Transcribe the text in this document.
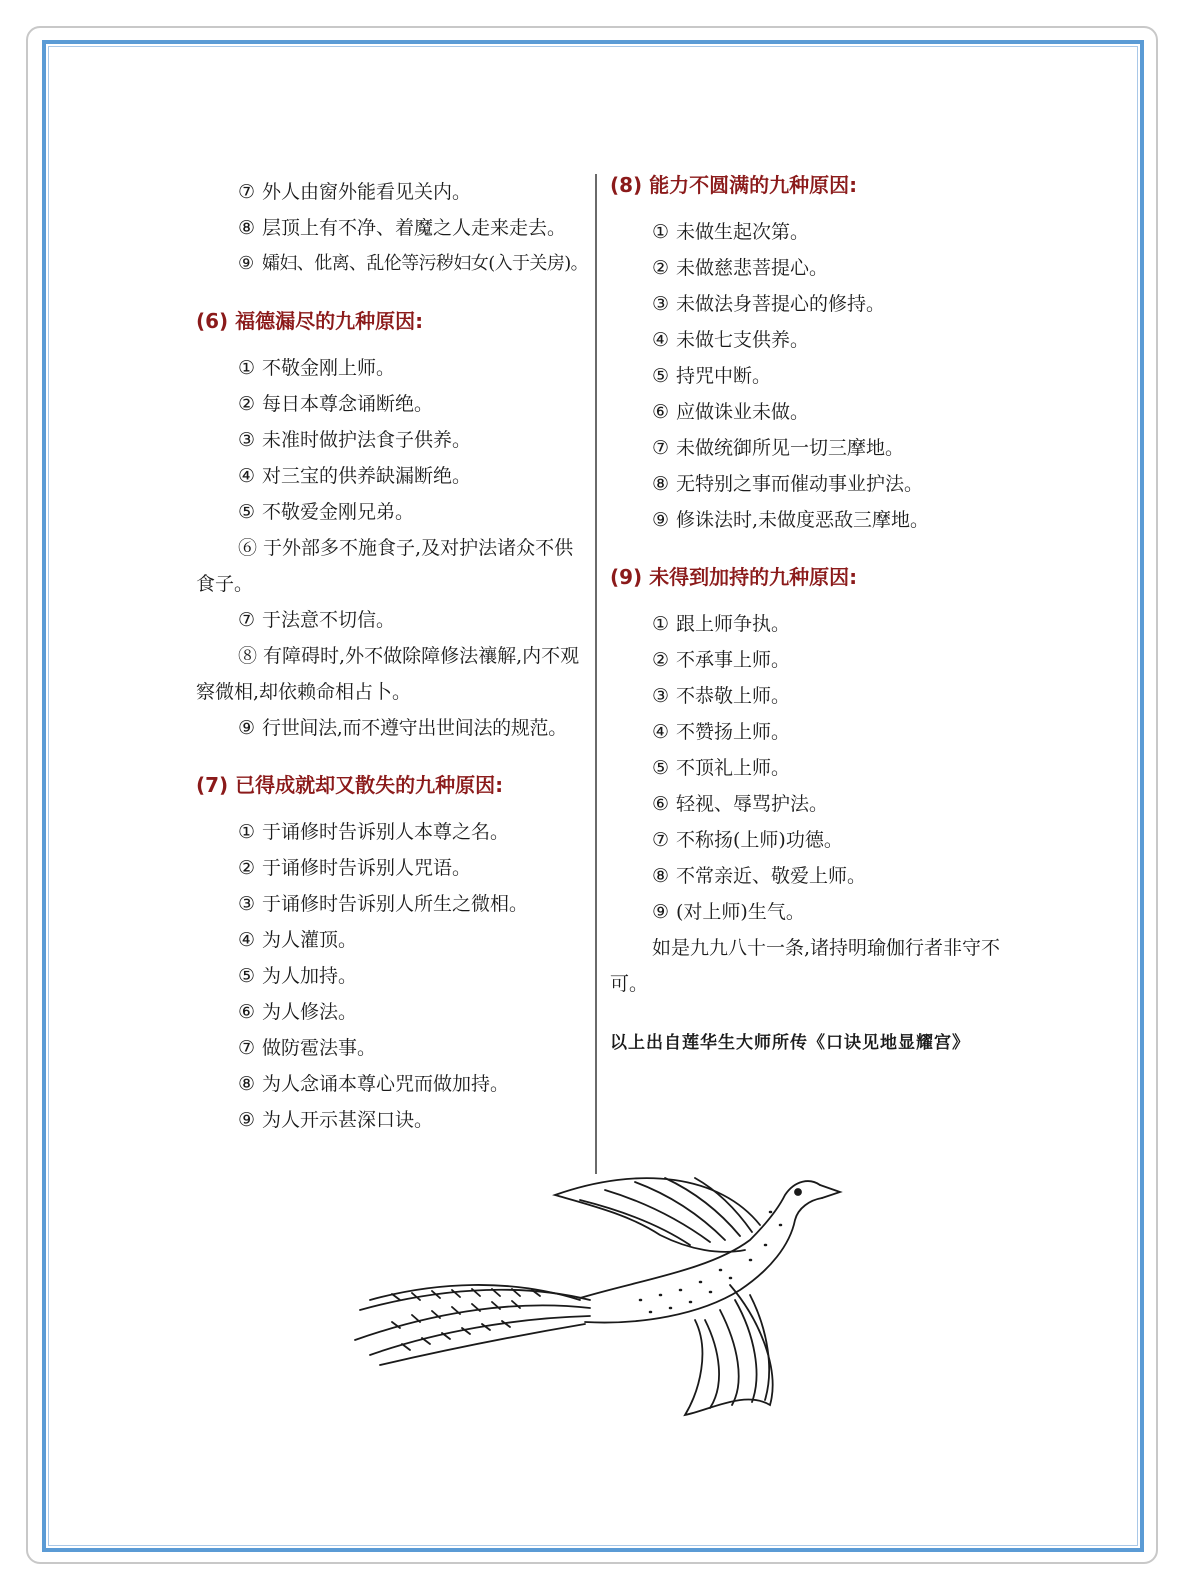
⑦ 外人由窗外能看见关内。
⑧ 层顶上有不净、着魔之人走来走去。
⑨ 孀妇、仳离、乱伦等污秽妇女(入于关房)。
(6) 福德漏尽的九种原因:
① 不敬金刚上师。
② 每日本尊念诵断绝。
③ 未准时做护法食子供养。
④ 对三宝的供养缺漏断绝。
⑤ 不敬爱金刚兄弟。
⑥ 于外部多不施食子,及对护法诸众不供食子。
⑦ 于法意不切信。
⑧ 有障碍时,外不做除障修法禳解,内不观察微相,却依赖命相占卜。
⑨ 行世间法,而不遵守出世间法的规范。
(7) 已得成就却又散失的九种原因:
① 于诵修时告诉别人本尊之名。
② 于诵修时告诉别人咒语。
③ 于诵修时告诉别人所生之微相。
④ 为人灌顶。
⑤ 为人加持。
⑥ 为人修法。
⑦ 做防雹法事。
⑧ 为人念诵本尊心咒而做加持。
⑨ 为人开示甚深口诀。
(8) 能力不圆满的九种原因:
① 未做生起次第。
② 未做慈悲菩提心。
③ 未做法身菩提心的修持。
④ 未做七支供养。
⑤ 持咒中断。
⑥ 应做诛业未做。
⑦ 未做统御所见一切三摩地。
⑧ 无特别之事而催动事业护法。
⑨ 修诛法时,未做度恶敌三摩地。
(9) 未得到加持的九种原因:
① 跟上师争执。
② 不承事上师。
③ 不恭敬上师。
④ 不赞扬上师。
⑤ 不顶礼上师。
⑥ 轻视、辱骂护法。
⑦ 不称扬(上师)功德。
⑧ 不常亲近、敬爱上师。
⑨ (对上师)生气。
如是九九八十一条,诸持明瑜伽行者非守不可。
以上出自莲华生大师所传《口诀见地显耀宫》
